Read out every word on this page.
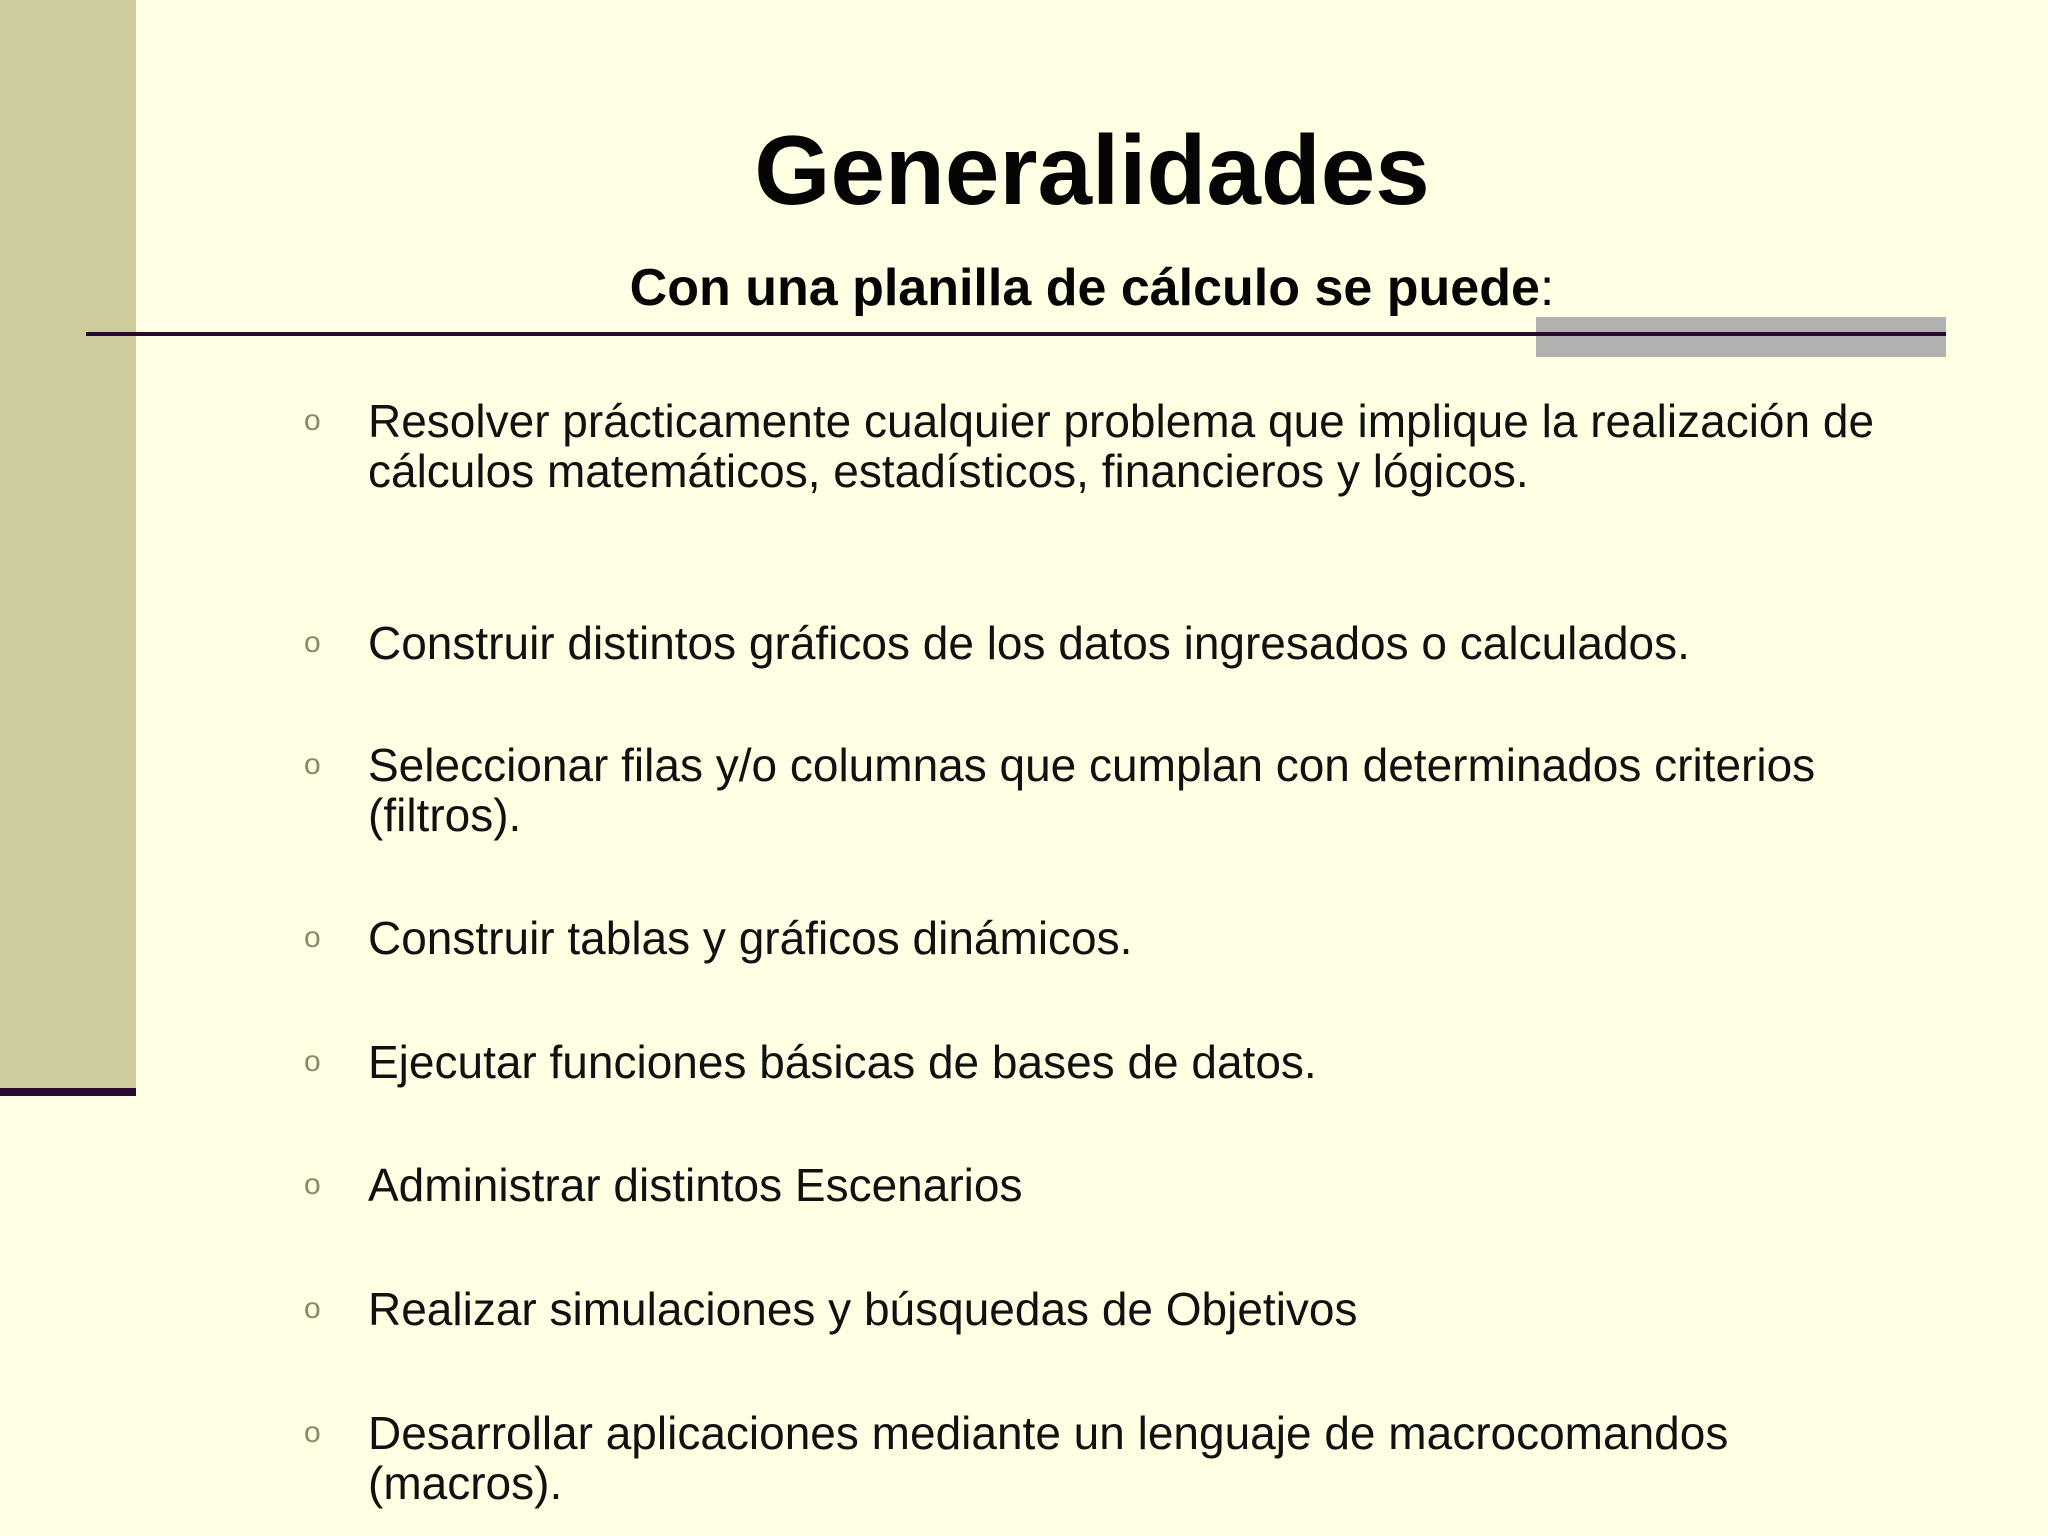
Generalidades

Con una planilla de cálculo se puede:

o Resolver prácticamente cualquier problema que implique la realización de cálculos matemáticos, estadísticos, financieros y lógicos.
o Construir distintos gráficos de los datos ingresados o calculados.
o Seleccionar filas y/o columnas que cumplan con determinados criterios (filtros).
o Construir tablas y gráficos dinámicos.
o Ejecutar funciones básicas de bases de datos.
o Administrar distintos Escenarios
o Realizar simulaciones y búsquedas de Objetivos
o Desarrollar aplicaciones mediante un lenguaje de macrocomandos (macros).
